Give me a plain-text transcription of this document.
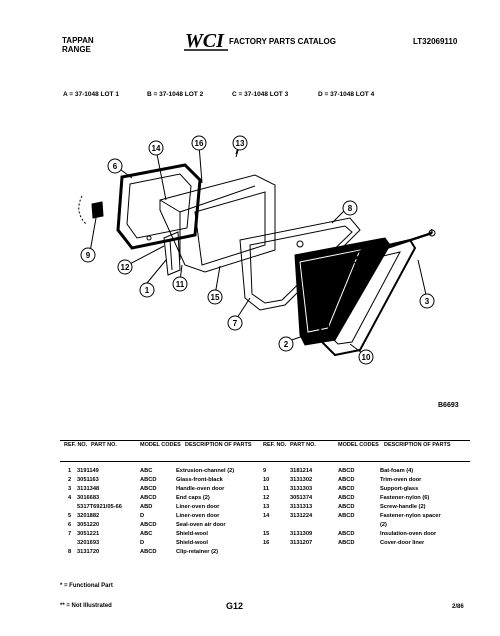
TAPPAN
RANGE	WCI FACTORY PARTS CATALOG	LT32069110
A = 37-1048 LOT 1	B = 37-1048 LOT 2	C = 37-1048 LOT 3	D = 37-1048 LOT 4
6
14
16	13
8
9
12
1
11
15
7
2
10
3
4
B6693
REF. NO. PART NO.	MODEL CODES DESCRIPTION OF PARTS REF. NO. PART NO.	MODEL CODES DESCRIPTION OF PARTS
1 3191149	ABC	Extrusion-channel (2)
2 3051163	ABCD	Glass-front-black
3 3131348	ABCD	Handle-oven door
4 3016683	ABCD	End caps (2)
5317T6921/05-66	ABD	Liner-oven door
5 3201882	D	Liner-oven door
6 3051220	ABCD	Seal-oven air door
7 3051221	ABC	Shield-wool
3201693	D	Shield-wool
8 3131720	ABCD	Clip-retainer (2)
9	3181214	ABCD	Bat-foam (4)
10	3131302	ABCD	Trim-oven door
11	3131303	ABCD	Support-glass
12	3051374	ABCD	Fastener-nylon (6)
13	3131313	ABCD	Screw-handle (2)
14	3131224	ABCD	Fastener-nylon spacer
(2)
15	3131309	ABCD	Insulation-oven door
16	3131207	ABCD	Cover-door liner
* = Functional Part
** = Not Illustrated	G12	2/86
